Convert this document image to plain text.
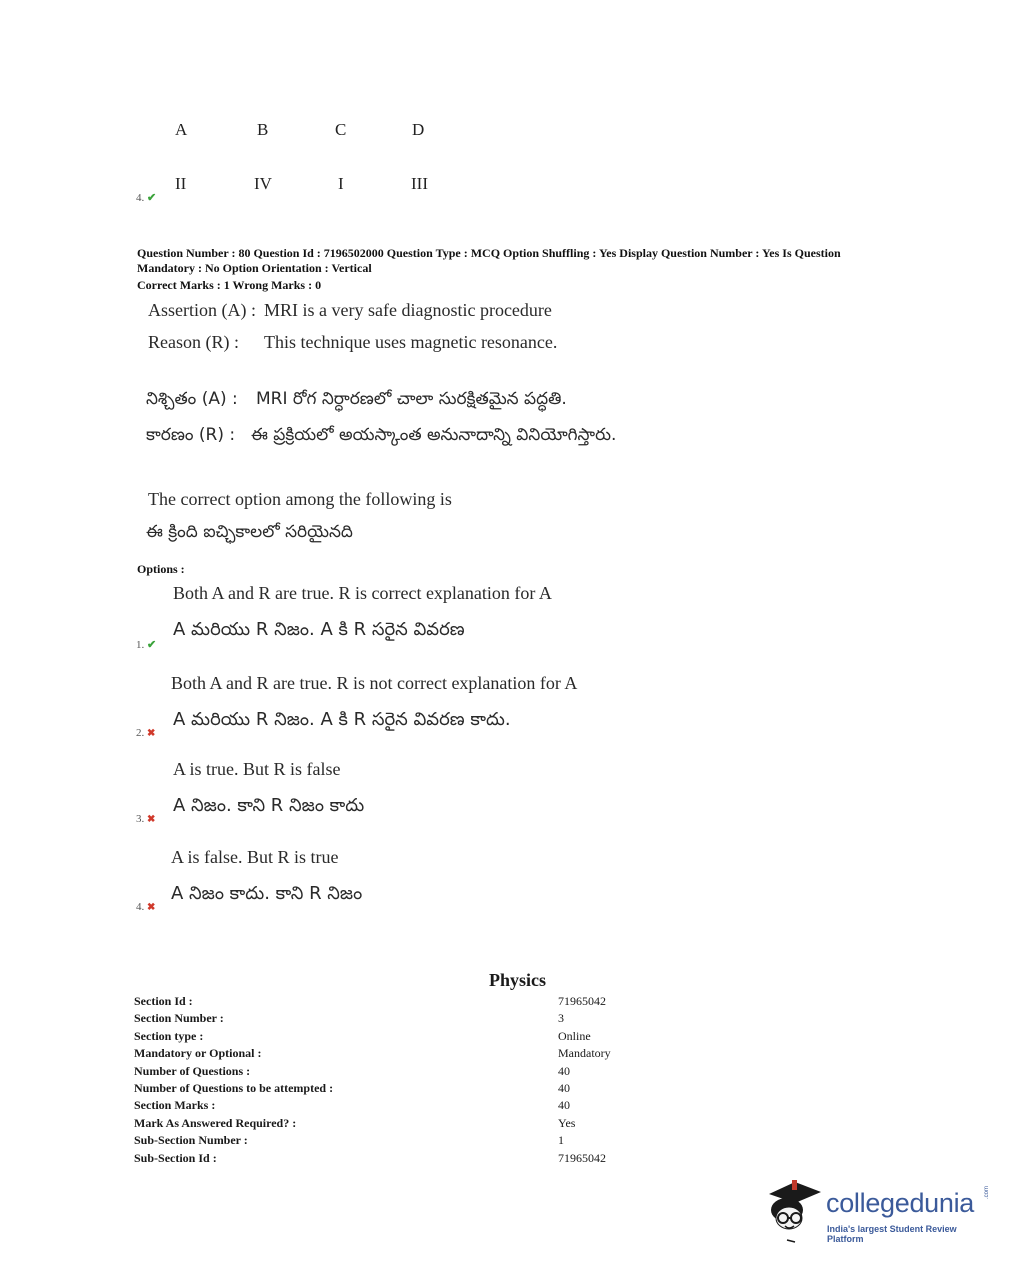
A	B	C	D
II	IV	I	III
4. ✔
Question Number : 80 Question Id : 7196502000 Question Type : MCQ Option Shuffling : Yes Display Question Number : Yes Is Question
Mandatory : No Option Orientation : Vertical
Correct Marks : 1 Wrong Marks : 0
Assertion (A) : MRI is a very safe diagnostic procedure
Reason (R) : This technique uses magnetic resonance.
నిశ్చితం (A) : MRI రోగ నిర్ధారణలో చాలా సురక్షితమైన పద్ధతి.
కారణం (R) : ఈ ప్రక్రియలో అయస్కాంత అనునాదాన్ని వినియోగిస్తారు.
The correct option among the following is
ఈ క్రింది ఐచ్ఛికాలలో సరియైనది
Options :
Both A and R are true. R is correct explanation for A
A మరియు R నిజం. A కి R సరైన వివరణ
1. ✔
Both A and R are true. R is not correct explanation for A
A మరియు R నిజం. A కి R సరైన వివరణ కాదు.
2. ✖
A is true. But R is false
A నిజం. కాని R నిజం కాదు
3. ✖
A is false. But R is true
A నిజం కాదు. కాని R నిజం
4. ✖
Physics
Section Id :	71965042
Section Number :	3
Section type :	Online
Mandatory or Optional :	Mandatory
Number of Questions :	40
Number of Questions to be attempted :	40
Section Marks :	40
Mark As Answered Required? :	Yes
Sub-Section Number :	1
Sub-Section Id :	71965042
collegedunia .com
India's largest Student Review Platform
